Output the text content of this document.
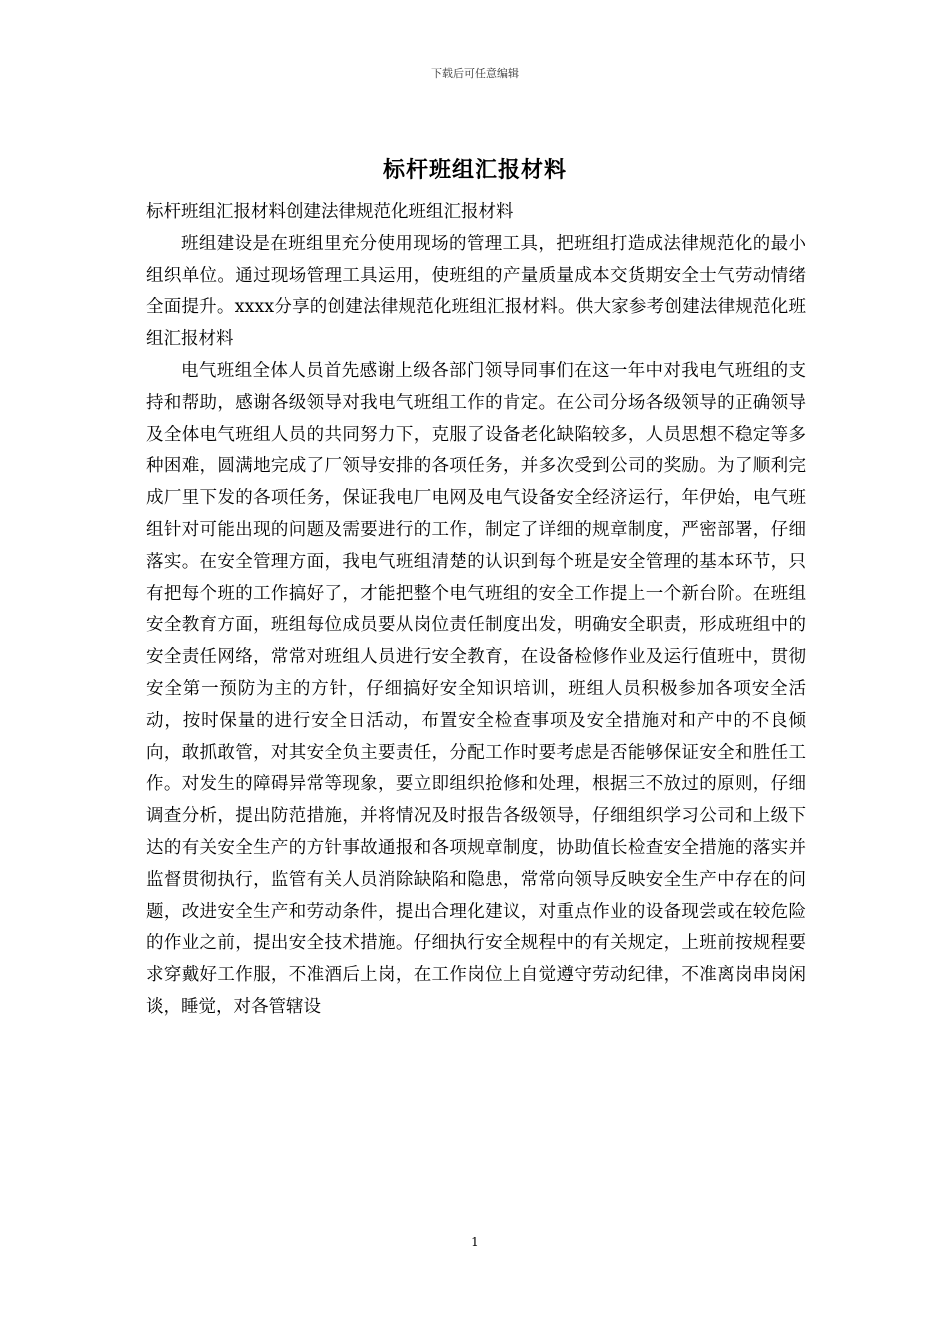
下载后可任意编辑
标杆班组汇报材料

标杆班组汇报材料创建法律规范化班组汇报材料

班组建设是在班组里充分使用现场的管理工具，把班组打造成法律规范化的最小组织单位。通过现场管理工具运用，使班组的产量质量成本交货期安全士气劳动情绪全面提升。xxxx分享的创建法律规范化班组汇报材料。供大家参考创建法律规范化班组汇报材料

电气班组全体人员首先感谢上级各部门领导同事们在这一年中对我电气班组的支持和帮助，感谢各级领导对我电气班组工作的肯定。在公司分场各级领导的正确领导及全体电气班组人员的共同努力下，克服了设备老化缺陷较多，人员思想不稳定等多种困难，圆满地完成了厂领导安排的各项任务，并多次受到公司的奖励。为了顺利完成厂里下发的各项任务，保证我电厂电网及电气设备安全经济运行，年伊始，电气班组针对可能出现的问题及需要进行的工作，制定了详细的规章制度，严密部署，仔细落实。在安全管理方面，我电气班组清楚的认识到每个班是安全管理的基本环节，只有把每个班的工作搞好了，才能把整个电气班组的安全工作提上一个新台阶。在班组安全教育方面，班组每位成员要从岗位责任制度出发，明确安全职责，形成班组中的安全责任网络，常常对班组人员进行安全教育，在设备检修作业及运行值班中，贯彻安全第一预防为主的方针，仔细搞好安全知识培训，班组人员积极参加各项安全活动，按时保量的进行安全日活动，布置安全检查事项及安全措施对和产中的不良倾向，敢抓敢管，对其安全负主要责任，分配工作时要考虑是否能够保证安全和胜任工作。对发生的障碍异常等现象，要立即组织抢修和处理，根据三不放过的原则，仔细调查分析，提出防范措施，并将情况及时报告各级领导，仔细组织学习公司和上级下达的有关安全生产的方针事故通报和各项规章制度，协助值长检查安全措施的落实并监督贯彻执行，监管有关人员消除缺陷和隐患，常常向领导反映安全生产中存在的问题，改进安全生产和劳动条件，提出合理化建议，对重点作业的设备现尝或在较危险的作业之前，提出安全技术措施。仔细执行安全规程中的有关规定，上班前按规程要求穿戴好工作服，不准酒后上岗，在工作岗位上自觉遵守劳动纪律，不准离岗串岗闲谈，睡觉，对各管辖设

1
